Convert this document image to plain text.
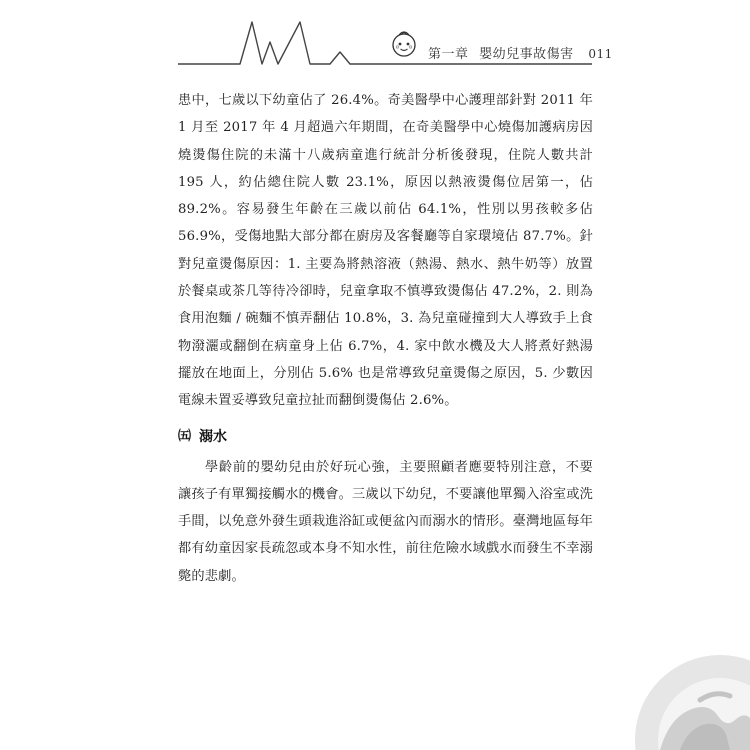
第一章 嬰幼兒事故傷害 011

患中，七歲以下幼童佔了 26.4%。奇美醫學中心護理部針對 2011 年 1 月至 2017 年 4 月超過六年期間，在奇美醫學中心燒傷加護病房因燒燙傷住院的未滿十八歲病童進行統計分析後發現，住院人數共計 195 人，約佔總住院人數 23.1%，原因以熱液燙傷位居第一，佔 89.2%。容易發生年齡在三歲以前佔 64.1%，性別以男孩較多佔 56.9%，受傷地點大部分都在廚房及客餐廳等自家環境佔 87.7%。針對兒童燙傷原因：1. 主要為將熱溶液（熱湯、熱水、熱牛奶等）放置於餐桌或茶几等待冷卻時，兒童拿取不慎導致燙傷佔 47.2%，2. 則為食用泡麵 / 碗麵不慎弄翻佔 10.8%，3. 為兒童碰撞到大人導致手上食物潑灑或翻倒在病童身上佔 6.7%，4. 家中飲水機及大人將煮好熱湯擺放在地面上，分別佔 5.6% 也是常導致兒童燙傷之原因，5. 少數因電線未置妥導致兒童拉扯而翻倒燙傷佔 2.6%。

㈤ 溺水

學齡前的嬰幼兒由於好玩心強，主要照顧者應要特別注意，不要讓孩子有單獨接觸水的機會。三歲以下幼兒，不要讓他單獨入浴室或洗手間，以免意外發生頭栽進浴缸或便盆內而溺水的情形。臺灣地區每年都有幼童因家長疏忽或本身不知水性，前往危險水域戲水而發生不幸溺斃的悲劇。
